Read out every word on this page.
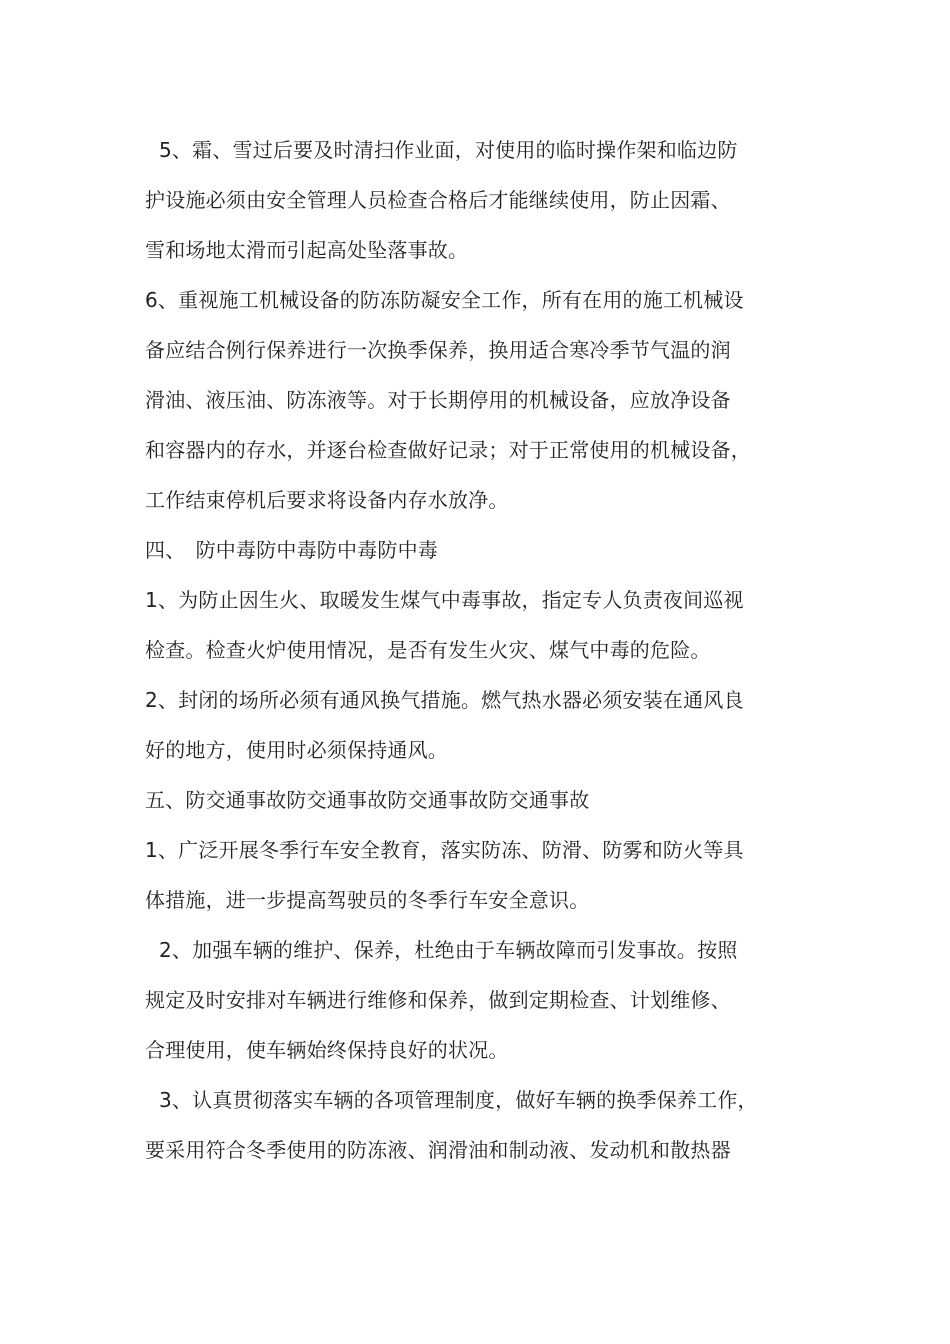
5、霜、雪过后要及时清扫作业面，对使用的临时操作架和临边防
护设施必须由安全管理人员检查合格后才能继续使用，防止因霜、
雪和场地太滑而引起高处坠落事故。
6、重视施工机械设备的防冻防凝安全工作，所有在用的施工机械设
备应结合例行保养进行一次换季保养，换用适合寒冷季节气温的润
滑油、液压油、防冻液等。对于长期停用的机械设备，应放净设备
和容器内的存水，并逐台检查做好记录；对于正常使用的机械设备，
工作结束停机后要求将设备内存水放净。
四、　防中毒防中毒防中毒防中毒
1、为防止因生火、取暖发生煤气中毒事故，指定专人负责夜间巡视
检查。检查火炉使用情况，是否有发生火灾、煤气中毒的危险。
2、封闭的场所必须有通风换气措施。燃气热水器必须安装在通风良
好的地方，使用时必须保持通风。
五、防交通事故防交通事故防交通事故防交通事故
1、广泛开展冬季行车安全教育，落实防冻、防滑、防雾和防火等具
体措施，进一步提高驾驶员的冬季行车安全意识。
2、加强车辆的维护、保养，杜绝由于车辆故障而引发事故。按照
规定及时安排对车辆进行维修和保养，做到定期检查、计划维修、
合理使用，使车辆始终保持良好的状况。
3、认真贯彻落实车辆的各项管理制度，做好车辆的换季保养工作，
要采用符合冬季使用的防冻液、润滑油和制动液、发动机和散热器
